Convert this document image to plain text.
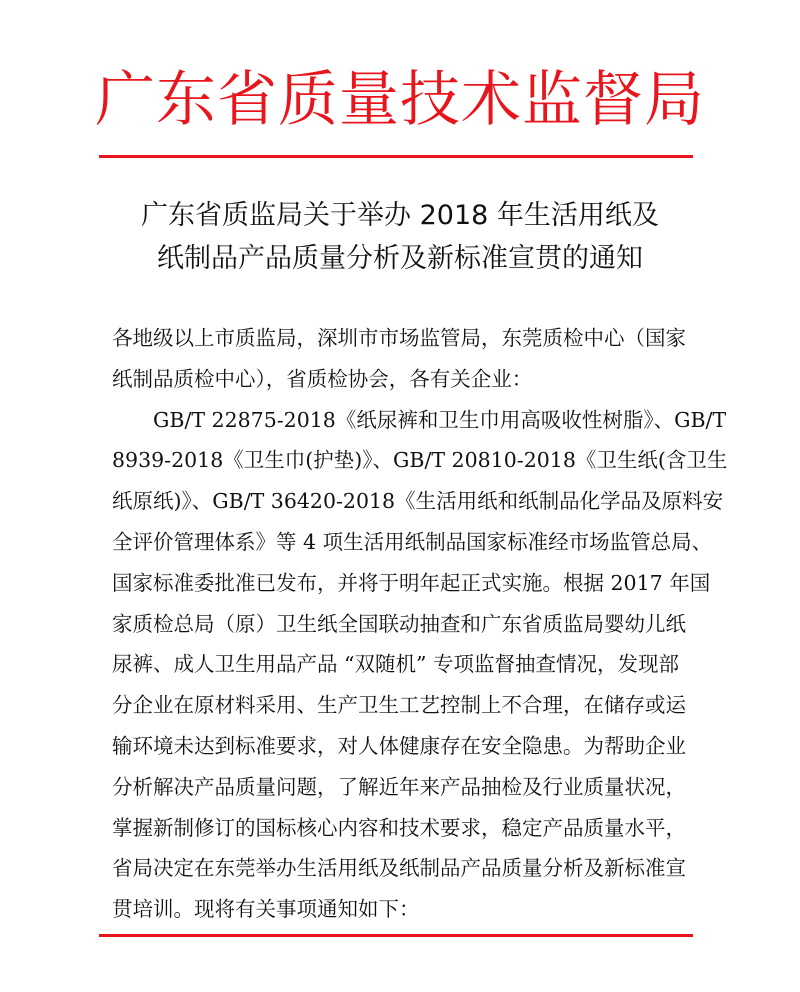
广东省质量技术监督局
广东省质监局关于举办 2018 年生活用纸及
纸制品产品质量分析及新标准宣贯的通知
各地级以上市质监局，深圳市市场监管局，东莞质检中心（国家
纸制品质检中心），省质检协会，各有关企业：
GB/T 22875-2018《纸尿裤和卫生巾用高吸收性树脂》、GB/T
8939-2018《卫生巾(护垫)》、GB/T 20810-2018《卫生纸(含卫生
纸原纸)》、GB/T 36420-2018《生活用纸和纸制品化学品及原料安
全评价管理体系》等 4 项生活用纸制品国家标准经市场监管总局、
国家标准委批准已发布，并将于明年起正式实施。根据 2017 年国
家质检总局（原）卫生纸全国联动抽查和广东省质监局婴幼儿纸
尿裤、成人卫生用品产品 “双随机” 专项监督抽查情况，发现部
分企业在原材料采用、生产卫生工艺控制上不合理，在储存或运
输环境未达到标准要求，对人体健康存在安全隐患。为帮助企业
分析解决产品质量问题，了解近年来产品抽检及行业质量状况，
掌握新制修订的国标核心内容和技术要求，稳定产品质量水平，
省局决定在东莞举办生活用纸及纸制品产品质量分析及新标准宣
贯培训。现将有关事项通知如下：
